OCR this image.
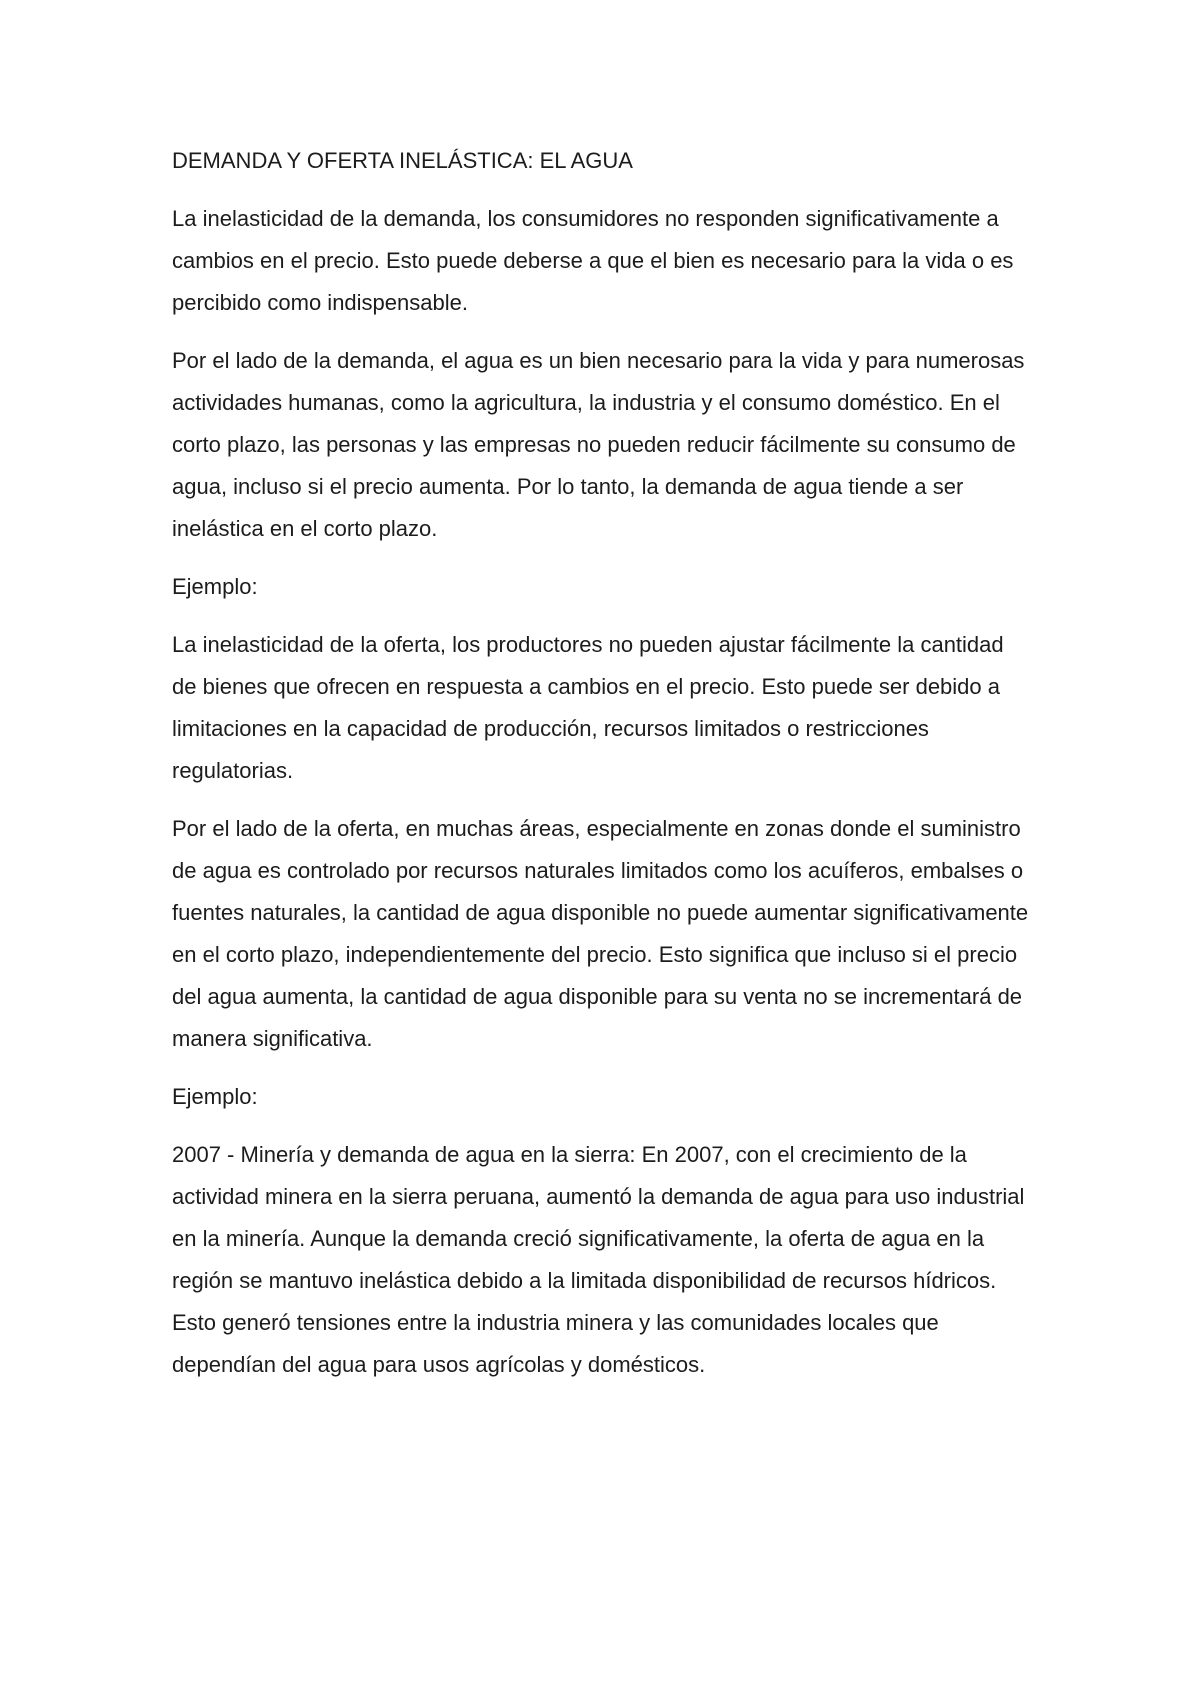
DEMANDA Y OFERTA INELÁSTICA: EL AGUA

La inelasticidad de la demanda, los consumidores no responden significativamente a cambios en el precio. Esto puede deberse a que el bien es necesario para la vida o es percibido como indispensable.

Por el lado de la demanda, el agua es un bien necesario para la vida y para numerosas actividades humanas, como la agricultura, la industria y el consumo doméstico. En el corto plazo, las personas y las empresas no pueden reducir fácilmente su consumo de agua, incluso si el precio aumenta. Por lo tanto, la demanda de agua tiende a ser inelástica en el corto plazo.

Ejemplo:

La inelasticidad de la oferta, los productores no pueden ajustar fácilmente la cantidad de bienes que ofrecen en respuesta a cambios en el precio. Esto puede ser debido a limitaciones en la capacidad de producción, recursos limitados o restricciones regulatorias.

Por el lado de la oferta, en muchas áreas, especialmente en zonas donde el suministro de agua es controlado por recursos naturales limitados como los acuíferos, embalses o fuentes naturales, la cantidad de agua disponible no puede aumentar significativamente en el corto plazo, independientemente del precio. Esto significa que incluso si el precio del agua aumenta, la cantidad de agua disponible para su venta no se incrementará de manera significativa.

Ejemplo:

2007 - Minería y demanda de agua en la sierra: En 2007, con el crecimiento de la actividad minera en la sierra peruana, aumentó la demanda de agua para uso industrial en la minería. Aunque la demanda creció significativamente, la oferta de agua en la región se mantuvo inelástica debido a la limitada disponibilidad de recursos hídricos. Esto generó tensiones entre la industria minera y las comunidades locales que dependían del agua para usos agrícolas y domésticos.
